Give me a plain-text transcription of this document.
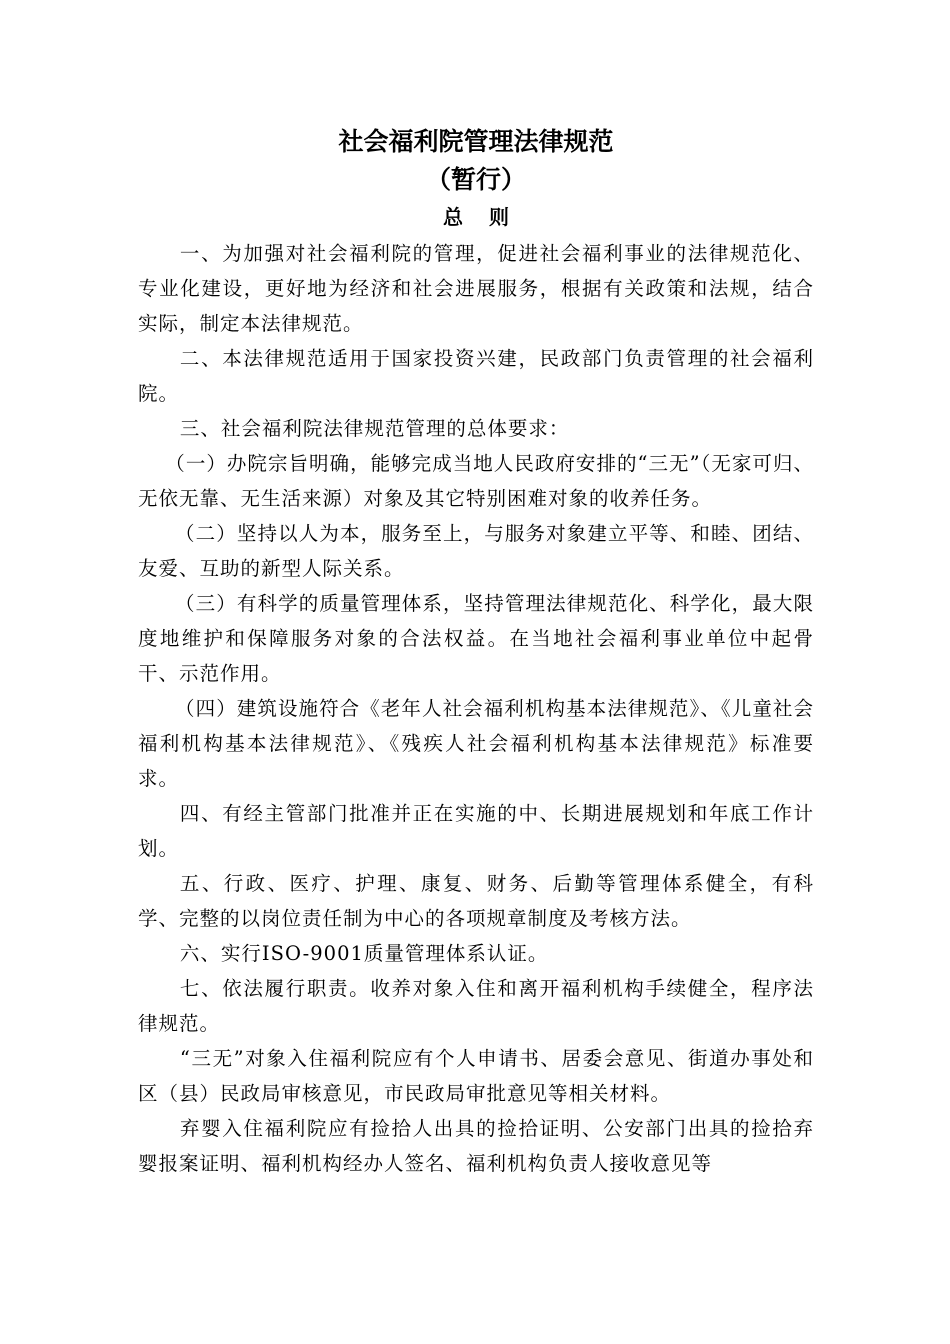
社会福利院管理法律规范
（暂行）
总则

一、为加强对社会福利院的管理，促进社会福利事业的法律规范化、专业化建设，更好地为经济和社会进展服务，根据有关政策和法规，结合实际，制定本法律规范。

二、本法律规范适用于国家投资兴建，民政部门负责管理的社会福利院。

三、社会福利院法律规范管理的总体要求：

（一）办院宗旨明确，能够完成当地人民政府安排的“三无”（无家可归、无依无靠、无生活来源）对象及其它特别困难对象的收养任务。

（二）坚持以人为本，服务至上，与服务对象建立平等、和睦、团结、友爱、互助的新型人际关系。

（三）有科学的质量管理体系，坚持管理法律规范化、科学化，最大限度地维护和保障服务对象的合法权益。在当地社会福利事业单位中起骨干、示范作用。

（四）建筑设施符合《老年人社会福利机构基本法律规范》、《儿童社会福利机构基本法律规范》、《残疾人社会福利机构基本法律规范》标准要求。

四、有经主管部门批准并正在实施的中、长期进展规划和年底工作计划。

五、行政、医疗、护理、康复、财务、后勤等管理体系健全，有科学、完整的以岗位责任制为中心的各项规章制度及考核方法。

六、实行ISO-9001质量管理体系认证。

七、依法履行职责。收养对象入住和离开福利机构手续健全，程序法律规范。

“三无”对象入住福利院应有个人申请书、居委会意见、街道办事处和区（县）民政局审核意见，市民政局审批意见等相关材料。

弃婴入住福利院应有捡拾人出具的捡拾证明、公安部门出具的捡拾弃婴报案证明、福利机构经办人签名、福利机构负责人接收意见等
